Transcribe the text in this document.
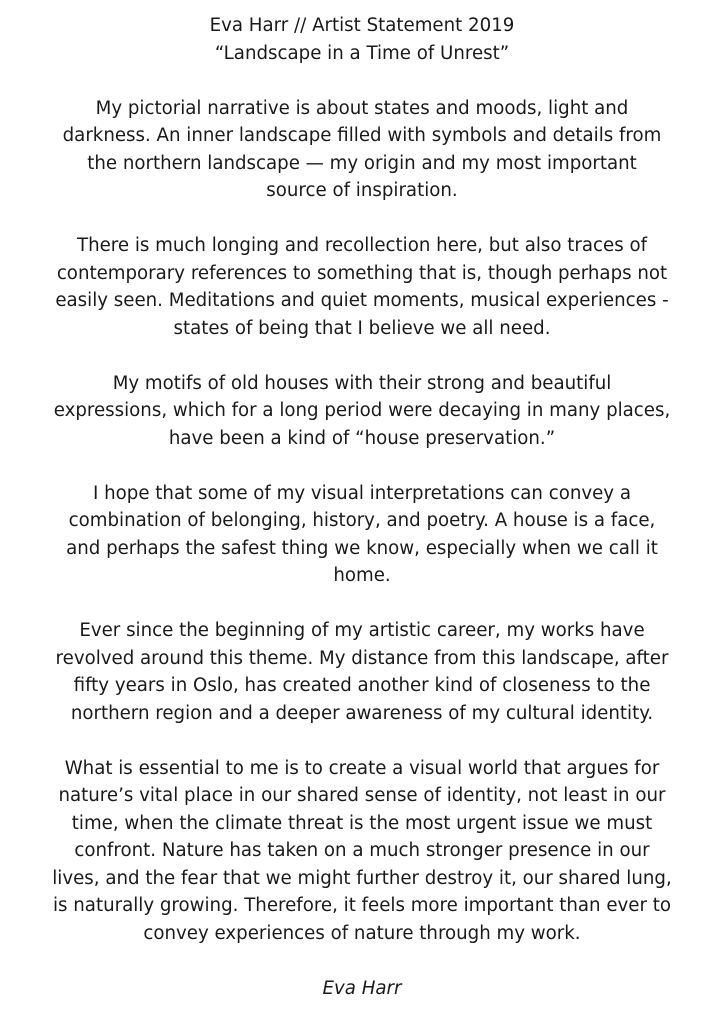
Eva Harr // Artist Statement 2019
“Landscape in a Time of Unrest”
My pictorial narrative is about states and moods, light and
darkness. An inner landscape filled with symbols and details from
the northern landscape — my origin and my most important
source of inspiration.
There is much longing and recollection here, but also traces of
contemporary references to something that is, though perhaps not
easily seen. Meditations and quiet moments, musical experiences -
states of being that I believe we all need.
My motifs of old houses with their strong and beautiful
expressions, which for a long period were decaying in many places,
have been a kind of “house preservation.”
I hope that some of my visual interpretations can convey a
combination of belonging, history, and poetry. A house is a face,
and perhaps the safest thing we know, especially when we call it
home.
Ever since the beginning of my artistic career, my works have
revolved around this theme. My distance from this landscape, after
fifty years in Oslo, has created another kind of closeness to the
northern region and a deeper awareness of my cultural identity.
What is essential to me is to create a visual world that argues for
nature’s vital place in our shared sense of identity, not least in our
time, when the climate threat is the most urgent issue we must
confront. Nature has taken on a much stronger presence in our
lives, and the fear that we might further destroy it, our shared lung,
is naturally growing. Therefore, it feels more important than ever to
convey experiences of nature through my work.
Eva Harr
